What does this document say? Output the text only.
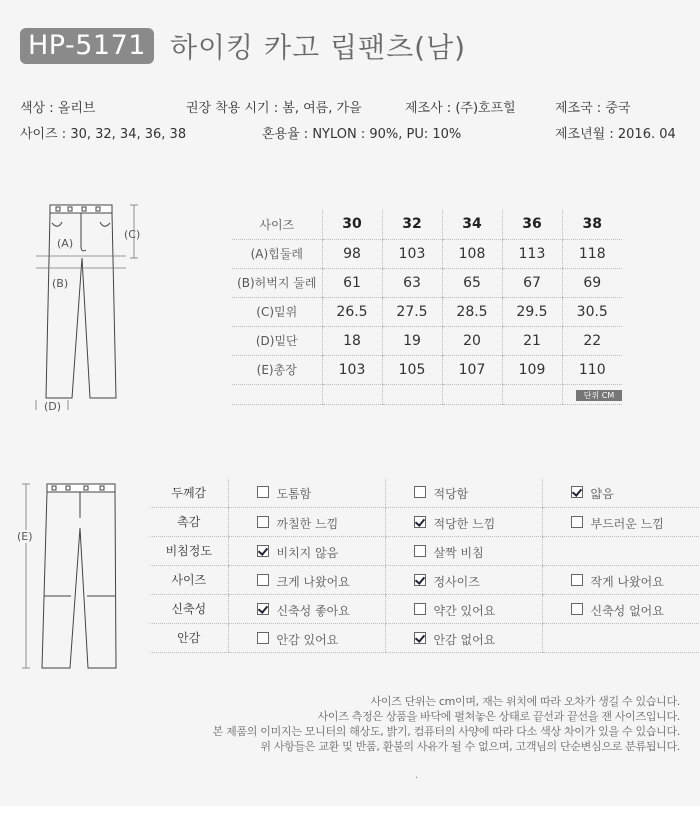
HP-5171 하이킹 카고 립팬츠(남)
색상 : 올리브	권장 착용 시기 : 봄, 여름, 가을	제조사 : (주)호프힐	제조국 : 중국
사이즈 : 30, 32, 34, 36, 38	혼용율 : NYLON : 90%, PU: 10%	제조년월 : 2016. 04
(A)
(B)
(C)
(D)
사이즈	30	32	34	36	38
(A)힙둘레	98	103	108	113	118
(B)허벅지 둘레	61	63	65	67	69
(C)밑위	26.5	27.5	28.5	29.5	30.5
(D)밑단	18	19	20	21	22
(E)총장	103	105	107	109	110

단위 CM
(E)
두께감	도톰함	적당함	얇음

촉감	까칠한 느낌	적당한 느낌	부드러운 느낌

비침정도	비치지 않음	살짝 비침	

사이즈	크게 나왔어요	정사이즈	작게 나왔어요

신축성	신축성 좋아요	약간 있어요	신축성 없어요

안감	안감 있어요	안감 없어요	

사이즈 단위는 cm이며, 재는 위치에 따라 오차가 생길 수 있습니다.
사이즈 측정은 상품을 바닥에 펼쳐놓은 상태로 끝선과 끝선을 잰 사이즈입니다.
본 제품의 이미지는 모니터의 해상도, 밝기, 컴퓨터의 사양에 따라 다소 색상 차이가 있을 수 있습니다.
위 사항들은 교환 및 반품, 환불의 사유가 될 수 없으며, 고객님의 단순변심으로 분류됩니다.
.
